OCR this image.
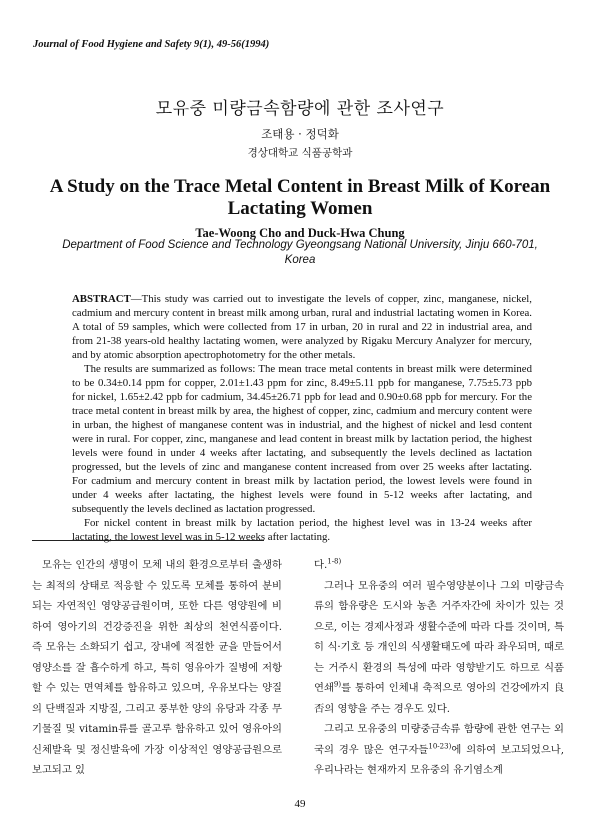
Journal of Food Hygiene and Safety 9(1), 49-56(1994)
모유중 미량금속함량에 관한 조사연구
조태용 · 정덕화
경상대학교 식품공학과
A Study on the Trace Metal Content in Breast Milk of Korean Lactating Women
Tae-Woong Cho and Duck-Hwa Chung
Department of Food Science and Technology Gyeongsang National University, Jinju 660-701, Korea

ABSTRACT—This study was carried out to investigate the levels of copper, zinc, manganese, nickel, cadmium and mercury content in breast milk among urban, rural and industrial lactating women in Korea. A total of 59 samples, which were collected from 17 in urban, 20 in rural and 22 in industrial area, and from 21-38 years-old healthy lactating women, were analyzed by Rigaku Mercury Analyzer for mercury, and by atomic absorption apectrophotometry for the other metals.

The results are summarized as follows: The mean trace metal contents in breast milk were determined to be 0.34±0.14 ppm for copper, 2.01±1.43 ppm for zinc, 8.49±5.11 ppb for manganese, 7.75±5.73 ppb for nickel, 1.65±2.42 ppb for cadmium, 34.45±26.71 ppb for lead and 0.90±0.68 ppb for mercury. For the trace metal content in breast milk by area, the highest of copper, zinc, cadmium and mercury content were in urban, the highest of manganese content was in industrial, and the highest of nickel and lesd content were in rural. For copper, zinc, manganese and lead content in breast milk by lactation period, the highest levels were found in under 4 weeks after lactating, and subsequently the levels declined as lactation progressed, but the levels of zinc and manganese content increased from over 25 weeks after lactating. For cadmium and mercury content in breast milk by lactation period, the lowest levels were found in under 4 weeks after lactating, the highest levels were found in 5-12 weeks after lactating, and subsequently the levels declined as lactation progressed.

For nickel content in breast milk by lactation period, the highest level was in 13-24 weeks after lactating, the lowest level was in 5-12 weeks after lactating.

모유는 인간의 생명이 모체 내의 환경으로부터 출생하는 최적의 상태로 적응할 수 있도록 모체를 통하여 분비되는 자연적인 영양공급원이며, 또한 다른 영양원에 비하여 영아기의 건강증진을 위한 최상의 천연식품이다. 즉 모유는 소화되기 쉽고, 장내에 적절한 균을 만들어서 영양소를 잘 흡수하게 하고, 특히 영유아가 질병에 저항할 수 있는 면역체를 함유하고 있으며, 우유보다는 양질의 단백질과 지방질, 그리고 풍부한 양의 유당과 각종 무기물질 및 vitamin류를 골고루 함유하고 있어 영유아의 신체발육 및 정신발육에 가장 이상적인 영양공급원으로 보고되고 있

다.$^{1-8)}$

그러나 모유중의 여러 필수영양분이나 그외 미량금속류의 함유량은 도시와 농촌 거주자간에 차이가 있는 것으로, 이는 경제사정과 생활수준에 따라 다를 것이며, 특히 식·기호 등 개인의 식생활태도에 따라 좌우되며, 때로는 거주시 환경의 특성에 따라 영향받기도 하므로 식품연쇄$^{9)}$를 통하여 인체내 축적으로 영아의 건강에까지 良否의 영향을 주는 경우도 있다.

그리고 모유중의 미량중금속류 함량에 관한 연구는 외국의 경우 많은 연구자들$^{10-23)}$에 의하여 보고되었으나, 우리나라는 현재까지 모유중의 유기염소계

49
